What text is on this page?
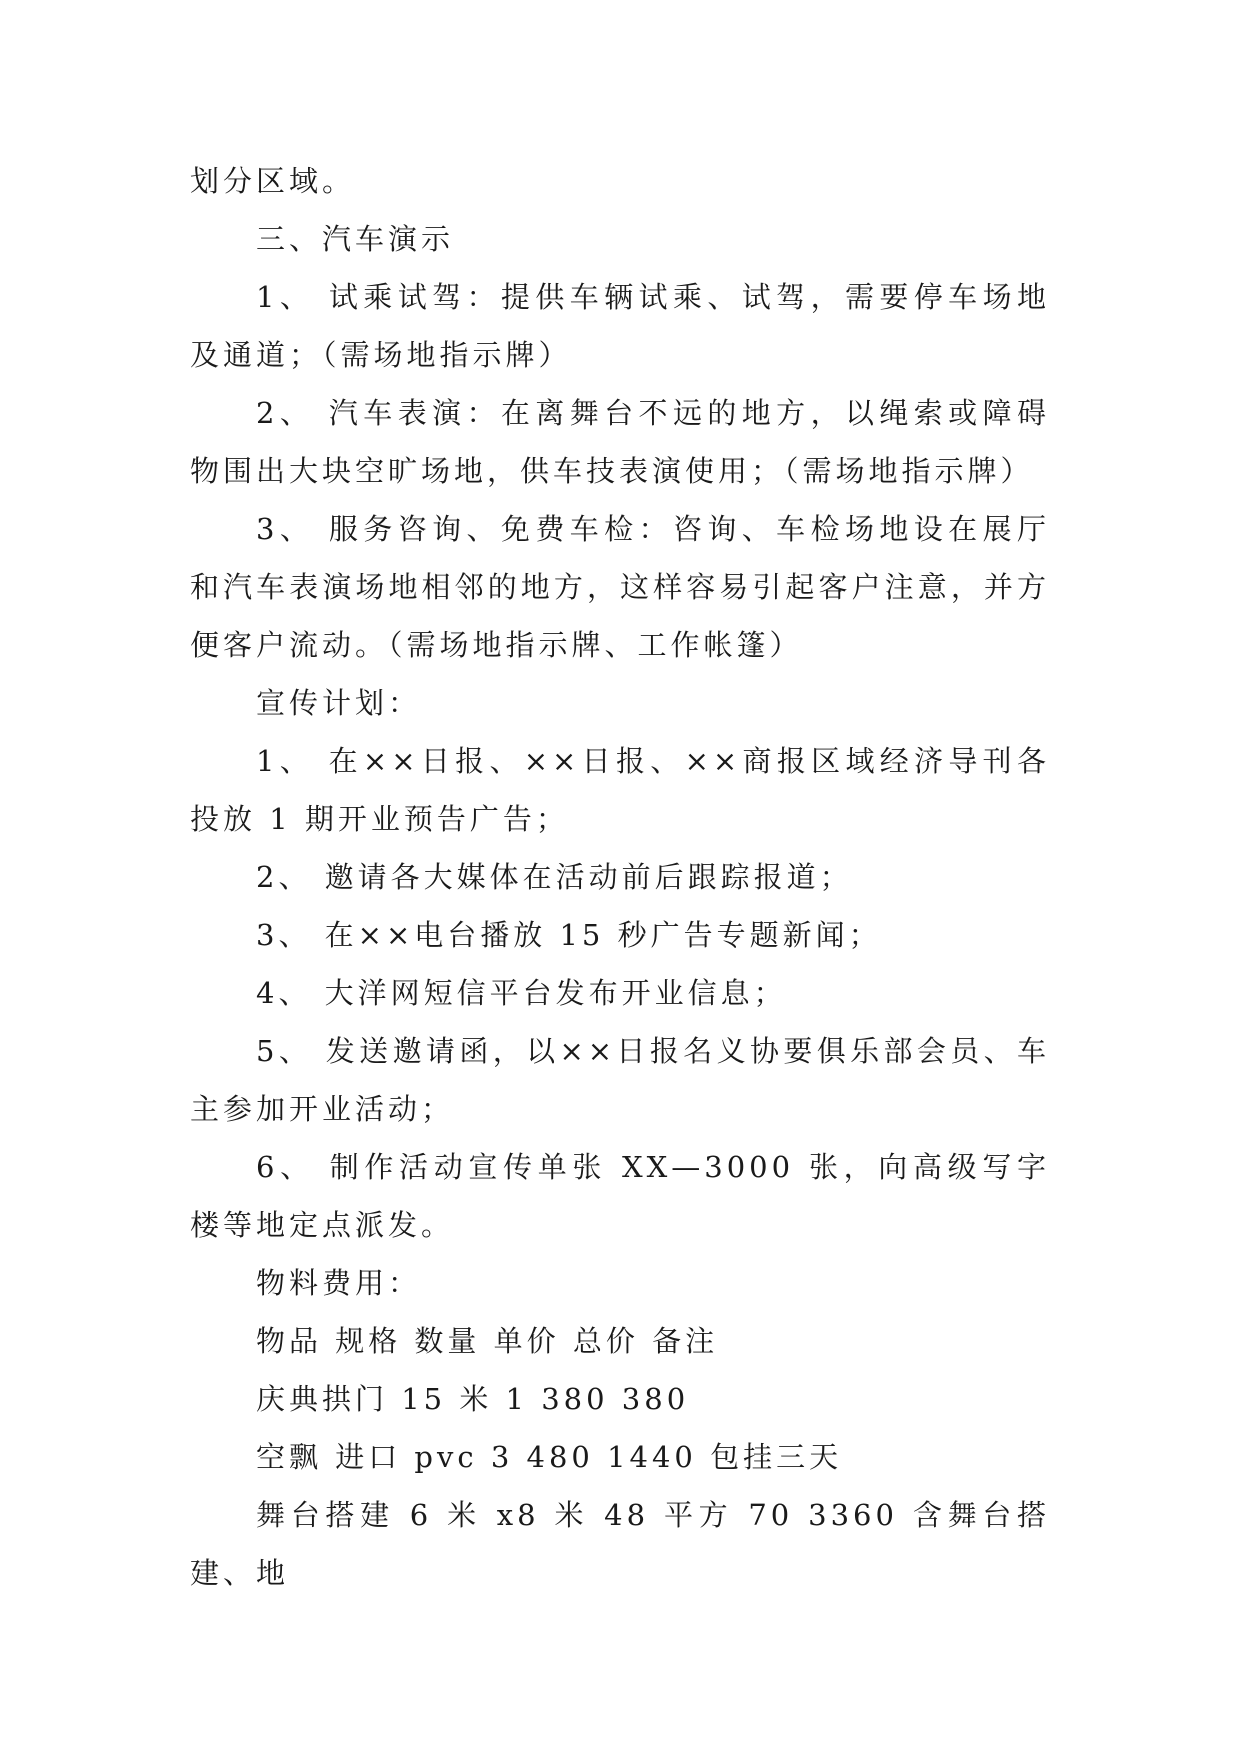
划分区域。

三、汽车演示

1、 试乘试驾：提供车辆试乘、试驾，需要停车场地及通道；（需场地指示牌）

2、 汽车表演：在离舞台不远的地方，以绳索或障碍物围出大块空旷场地，供车技表演使用；（需场地指示牌）

3、 服务咨询、免费车检：咨询、车检场地设在展厅和汽车表演场地相邻的地方，这样容易引起客户注意，并方便客户流动。（需场地指示牌、工作帐篷）

宣传计划：

1、 在××日报、××日报、××商报区域经济导刊各投放 1 期开业预告广告；

2、 邀请各大媒体在活动前后跟踪报道；

3、 在××电台播放 15 秒广告专题新闻；

4、 大洋网短信平台发布开业信息；

5、 发送邀请函，以××日报名义协要俱乐部会员、车主参加开业活动；

6、 制作活动宣传单张 XX—3000 张，向高级写字楼等地定点派发。

物料费用：

物品 规格 数量 单价 总价 备注

庆典拱门 15 米 1 380 380

空飘 进口 pvc 3 480 1440 包挂三天

舞台搭建 6 米 x8 米 48 平方 70 3360 含舞台搭建、地
